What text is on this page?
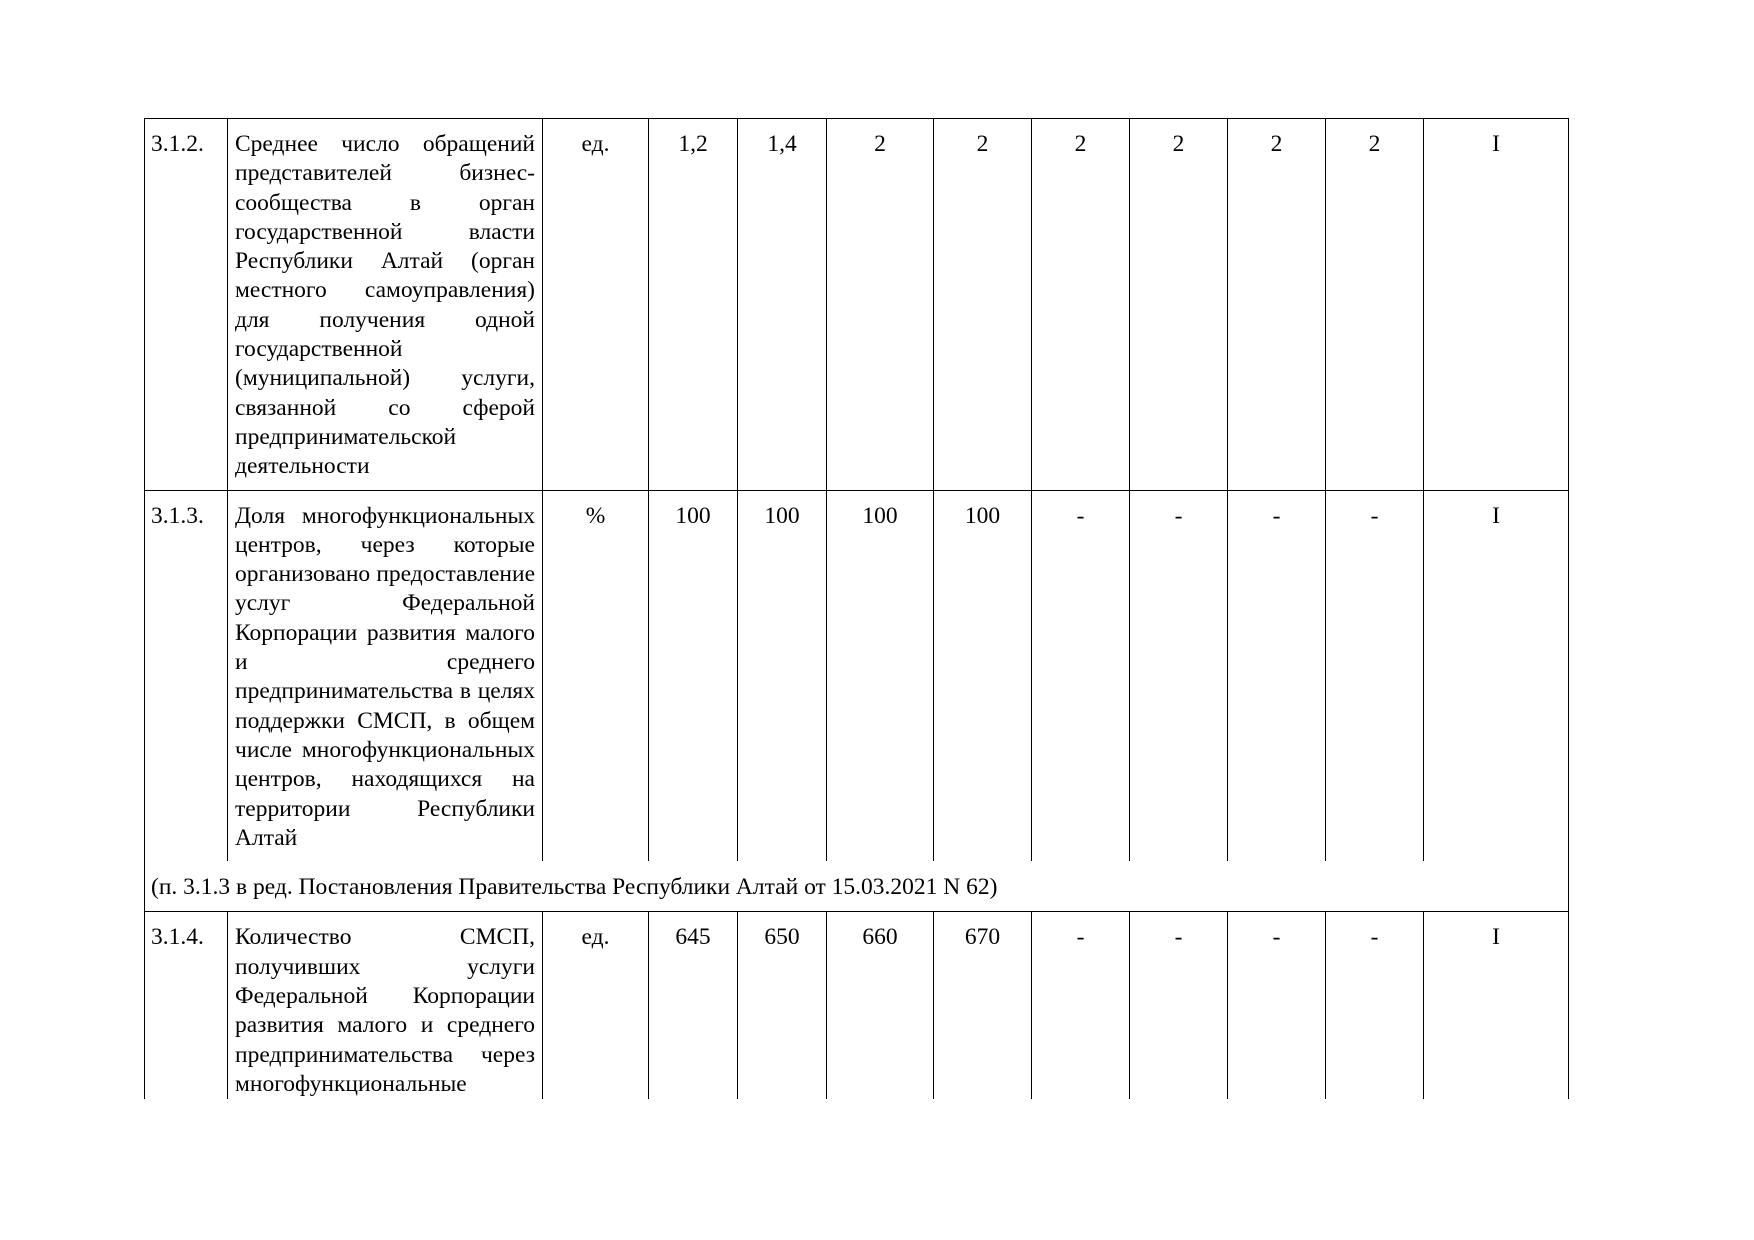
3.1.2.	Среднее число обращений представителей бизнес-сообщества в орган государственной власти Республики Алтай (орган местного самоуправления) для получения одной государственной (муниципальной) услуги, связанной со сферой предпринимательской деятельности	ед.	1,2	1,4	2	2	2	2	2	2	I
3.1.3.	Доля многофункциональных центров, через которые организовано предоставление услуг Федеральной Корпорации развития малого и среднего предпринимательства в целях поддержки СМСП, в общем числе многофункциональных центров, находящихся на территории Республики Алтай	%	100	100	100	100	-	-	-	-	I
(п. 3.1.3 в ред. Постановления Правительства Республики Алтай от 15.03.2021 N 62)											
3.1.4.	Количество СМСП, получивших услуги Федеральной Корпорации развития малого и среднего предпринимательства через многофункциональные	ед.	645	650	660	670	-	-	-	-	I
